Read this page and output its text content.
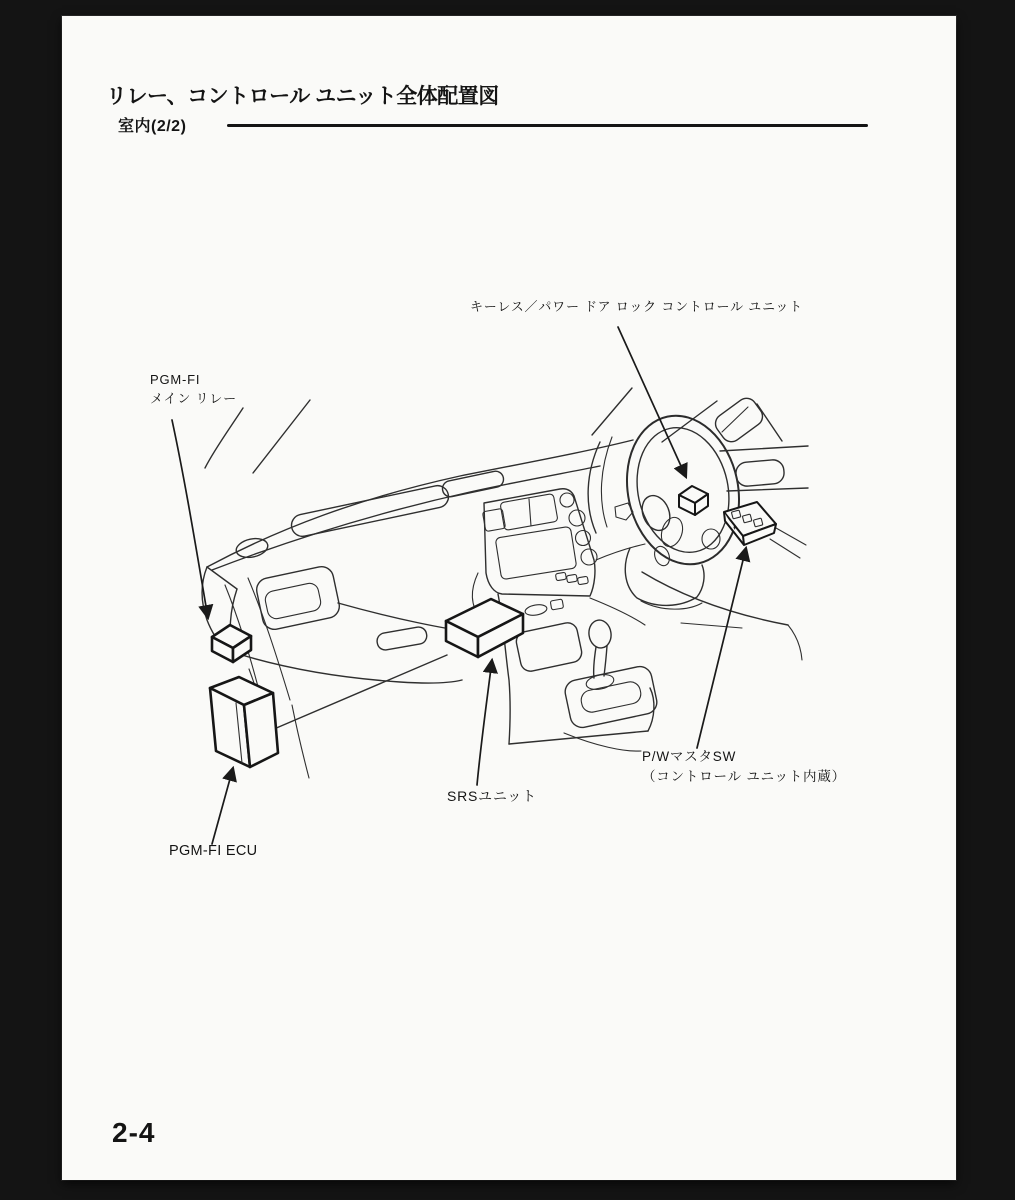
リレー、コントロール ユニット全体配置図
室内(2/2)
キーレス／パワー ドア ロック コントロール ユニット
PGM-FI
メイン リレー
SRSユニット
P/WマスタSW
（コントロール ユニット内蔵）
PGM-FI ECU
2-4
